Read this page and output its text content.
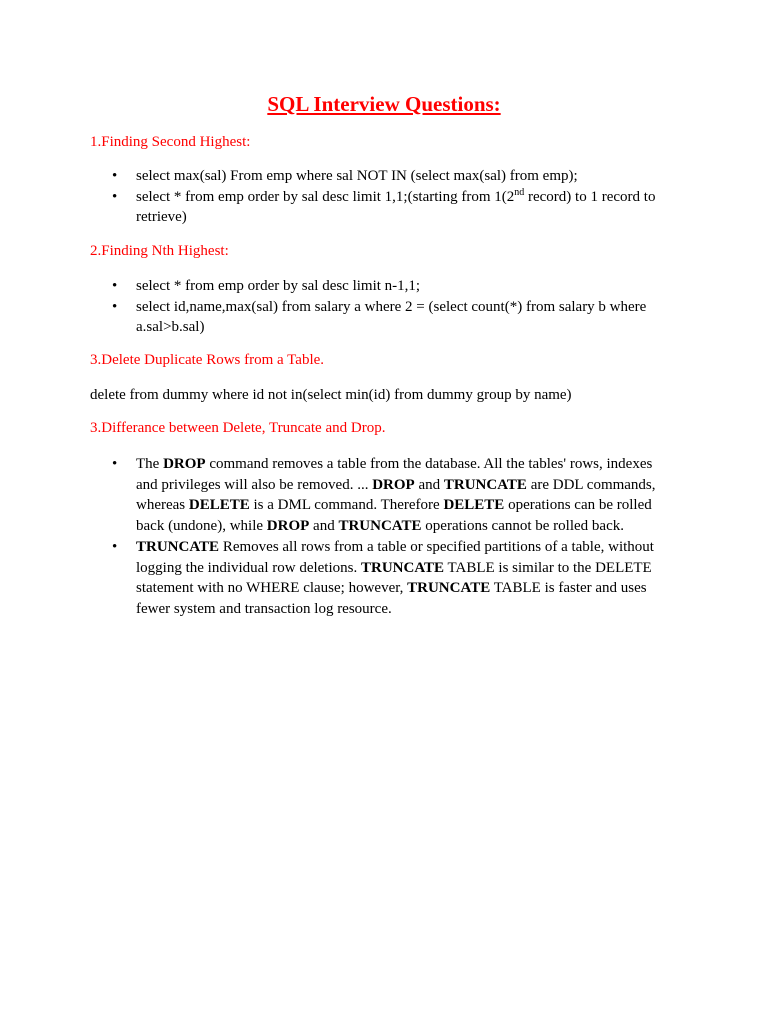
SQL Interview Questions:
1.Finding Second Highest:
• select max(sal) From emp where sal NOT IN (select max(sal) from emp);
• select * from emp order by sal desc limit 1,1;(starting from 1(2nd record) to 1 record to retrieve)
2.Finding Nth Highest:
• select * from emp order by sal desc limit n-1,1;
• select id,name,max(sal) from salary a where 2 = (select count(*) from salary b where a.sal>b.sal)
3.Delete Duplicate Rows from a Table.
delete from dummy where id not in(select min(id) from dummy group by name)
3.Differance between Delete, Truncate and Drop.
• The DROP command removes a table from the database. All the tables' rows, indexes and privileges will also be removed. ... DROP and TRUNCATE are DDL commands, whereas DELETE is a DML command. Therefore DELETE operations can be rolled back (undone), while DROP and TRUNCATE operations cannot be rolled back.
• TRUNCATE Removes all rows from a table or specified partitions of a table, without logging the individual row deletions. TRUNCATE TABLE is similar to the DELETE statement with no WHERE clause; however, TRUNCATE TABLE is faster and uses fewer system and transaction log resource.
